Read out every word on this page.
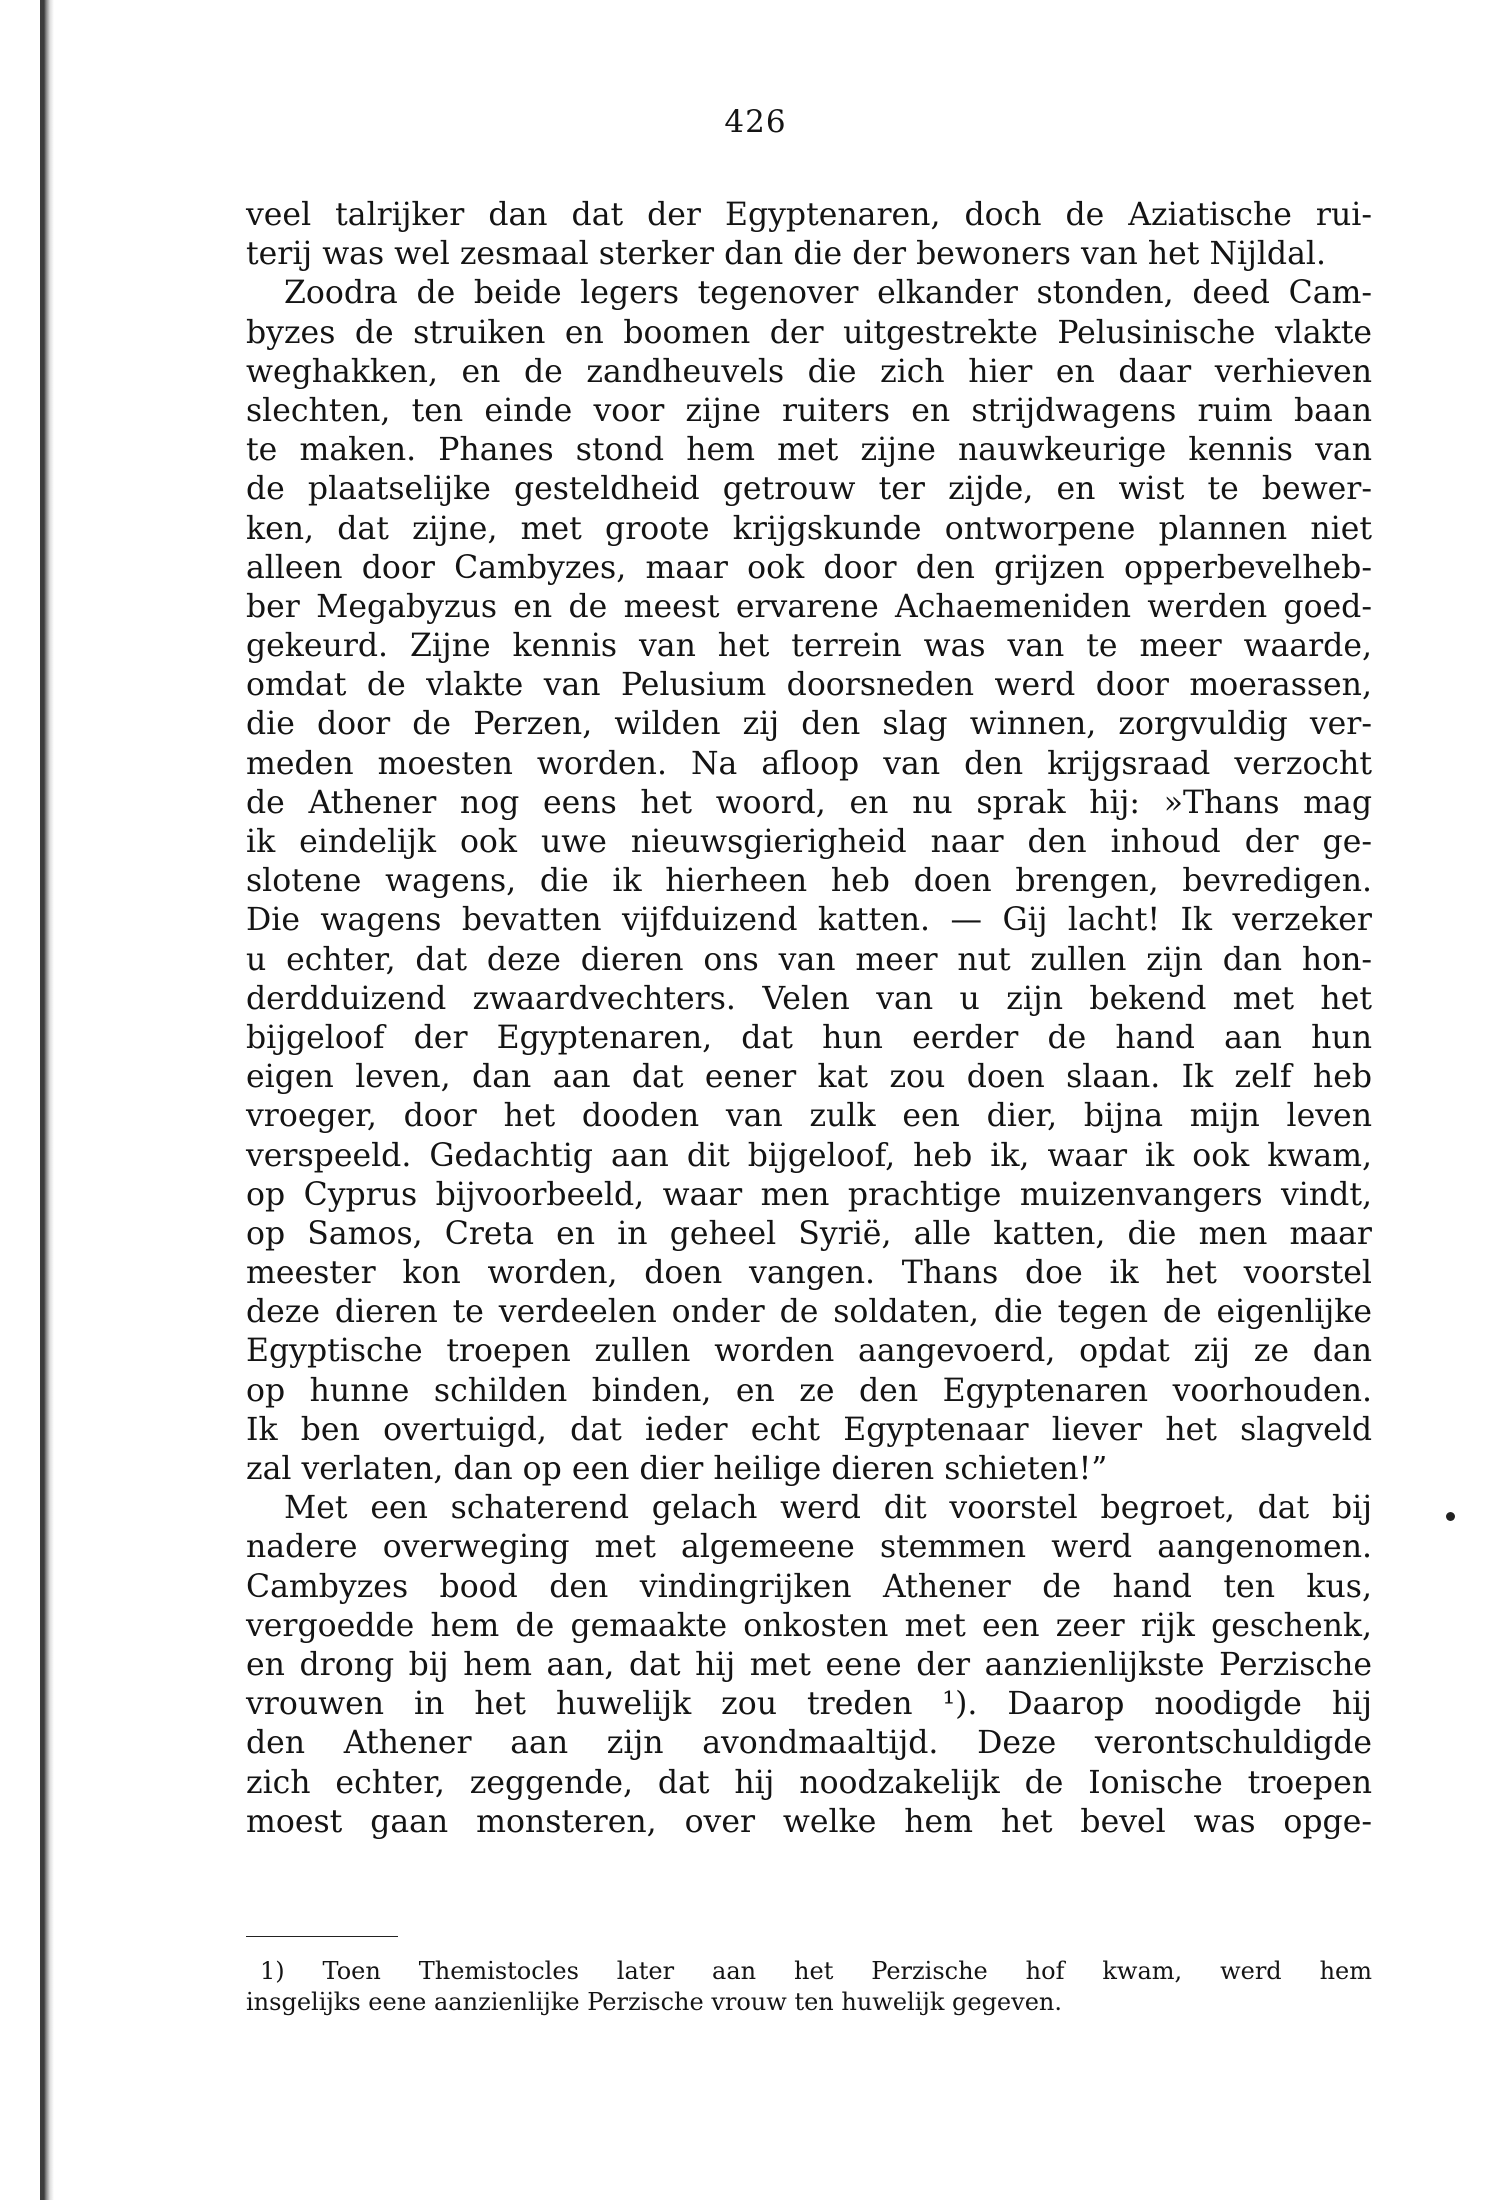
426
veel talrijker dan dat der Egyptenaren, doch de Aziatische rui-
terij was wel zesmaal sterker dan die der bewoners van het Nijldal.
Zoodra de beide legers tegenover elkander stonden, deed Cam-
byzes de struiken en boomen der uitgestrekte Pelusinische vlakte
weghakken, en de zandheuvels die zich hier en daar verhieven
slechten, ten einde voor zijne ruiters en strijdwagens ruim baan
te maken. Phanes stond hem met zijne nauwkeurige kennis van
de plaatselijke gesteldheid getrouw ter zijde, en wist te bewer-
ken, dat zijne, met groote krijgskunde ontworpene plannen niet
alleen door Cambyzes, maar ook door den grijzen opperbevelheb-
ber Megabyzus en de meest ervarene Achaemeniden werden goed-
gekeurd. Zijne kennis van het terrein was van te meer waarde,
omdat de vlakte van Pelusium doorsneden werd door moerassen,
die door de Perzen, wilden zij den slag winnen, zorgvuldig ver-
meden moesten worden. Na afloop van den krijgsraad verzocht
de Athener nog eens het woord, en nu sprak hij: »Thans mag
ik eindelijk ook uwe nieuwsgierigheid naar den inhoud der ge-
slotene wagens, die ik hierheen heb doen brengen, bevredigen.
Die wagens bevatten vijfduizend katten. — Gij lacht! Ik verzeker
u echter, dat deze dieren ons van meer nut zullen zijn dan hon-
derdduizend zwaardvechters. Velen van u zijn bekend met het
bijgeloof der Egyptenaren, dat hun eerder de hand aan hun
eigen leven, dan aan dat eener kat zou doen slaan. Ik zelf heb
vroeger, door het dooden van zulk een dier, bijna mijn leven
verspeeld. Gedachtig aan dit bijgeloof, heb ik, waar ik ook kwam,
op Cyprus bijvoorbeeld, waar men prachtige muizenvangers vindt,
op Samos, Creta en in geheel Syrië, alle katten, die men maar
meester kon worden, doen vangen. Thans doe ik het voorstel
deze dieren te verdeelen onder de soldaten, die tegen de eigenlijke
Egyptische troepen zullen worden aangevoerd, opdat zij ze dan
op hunne schilden binden, en ze den Egyptenaren voorhouden.
Ik ben overtuigd, dat ieder echt Egyptenaar liever het slagveld
zal verlaten, dan op een dier heilige dieren schieten!”
Met een schaterend gelach werd dit voorstel begroet, dat bij
nadere overweging met algemeene stemmen werd aangenomen.
Cambyzes bood den vindingrijken Athener de hand ten kus,
vergoedde hem de gemaakte onkosten met een zeer rijk geschenk,
en drong bij hem aan, dat hij met eene der aanzienlijkste Perzische
vrouwen in het huwelijk zou treden ¹). Daarop noodigde hij
den Athener aan zijn avondmaaltijd. Deze verontschuldigde
zich echter, zeggende, dat hij noodzakelijk de Ionische troepen
moest gaan monsteren, over welke hem het bevel was opge-
1) Toen Themistocles later aan het Perzische hof kwam, werd hem
insgelijks eene aanzienlijke Perzische vrouw ten huwelijk gegeven.
